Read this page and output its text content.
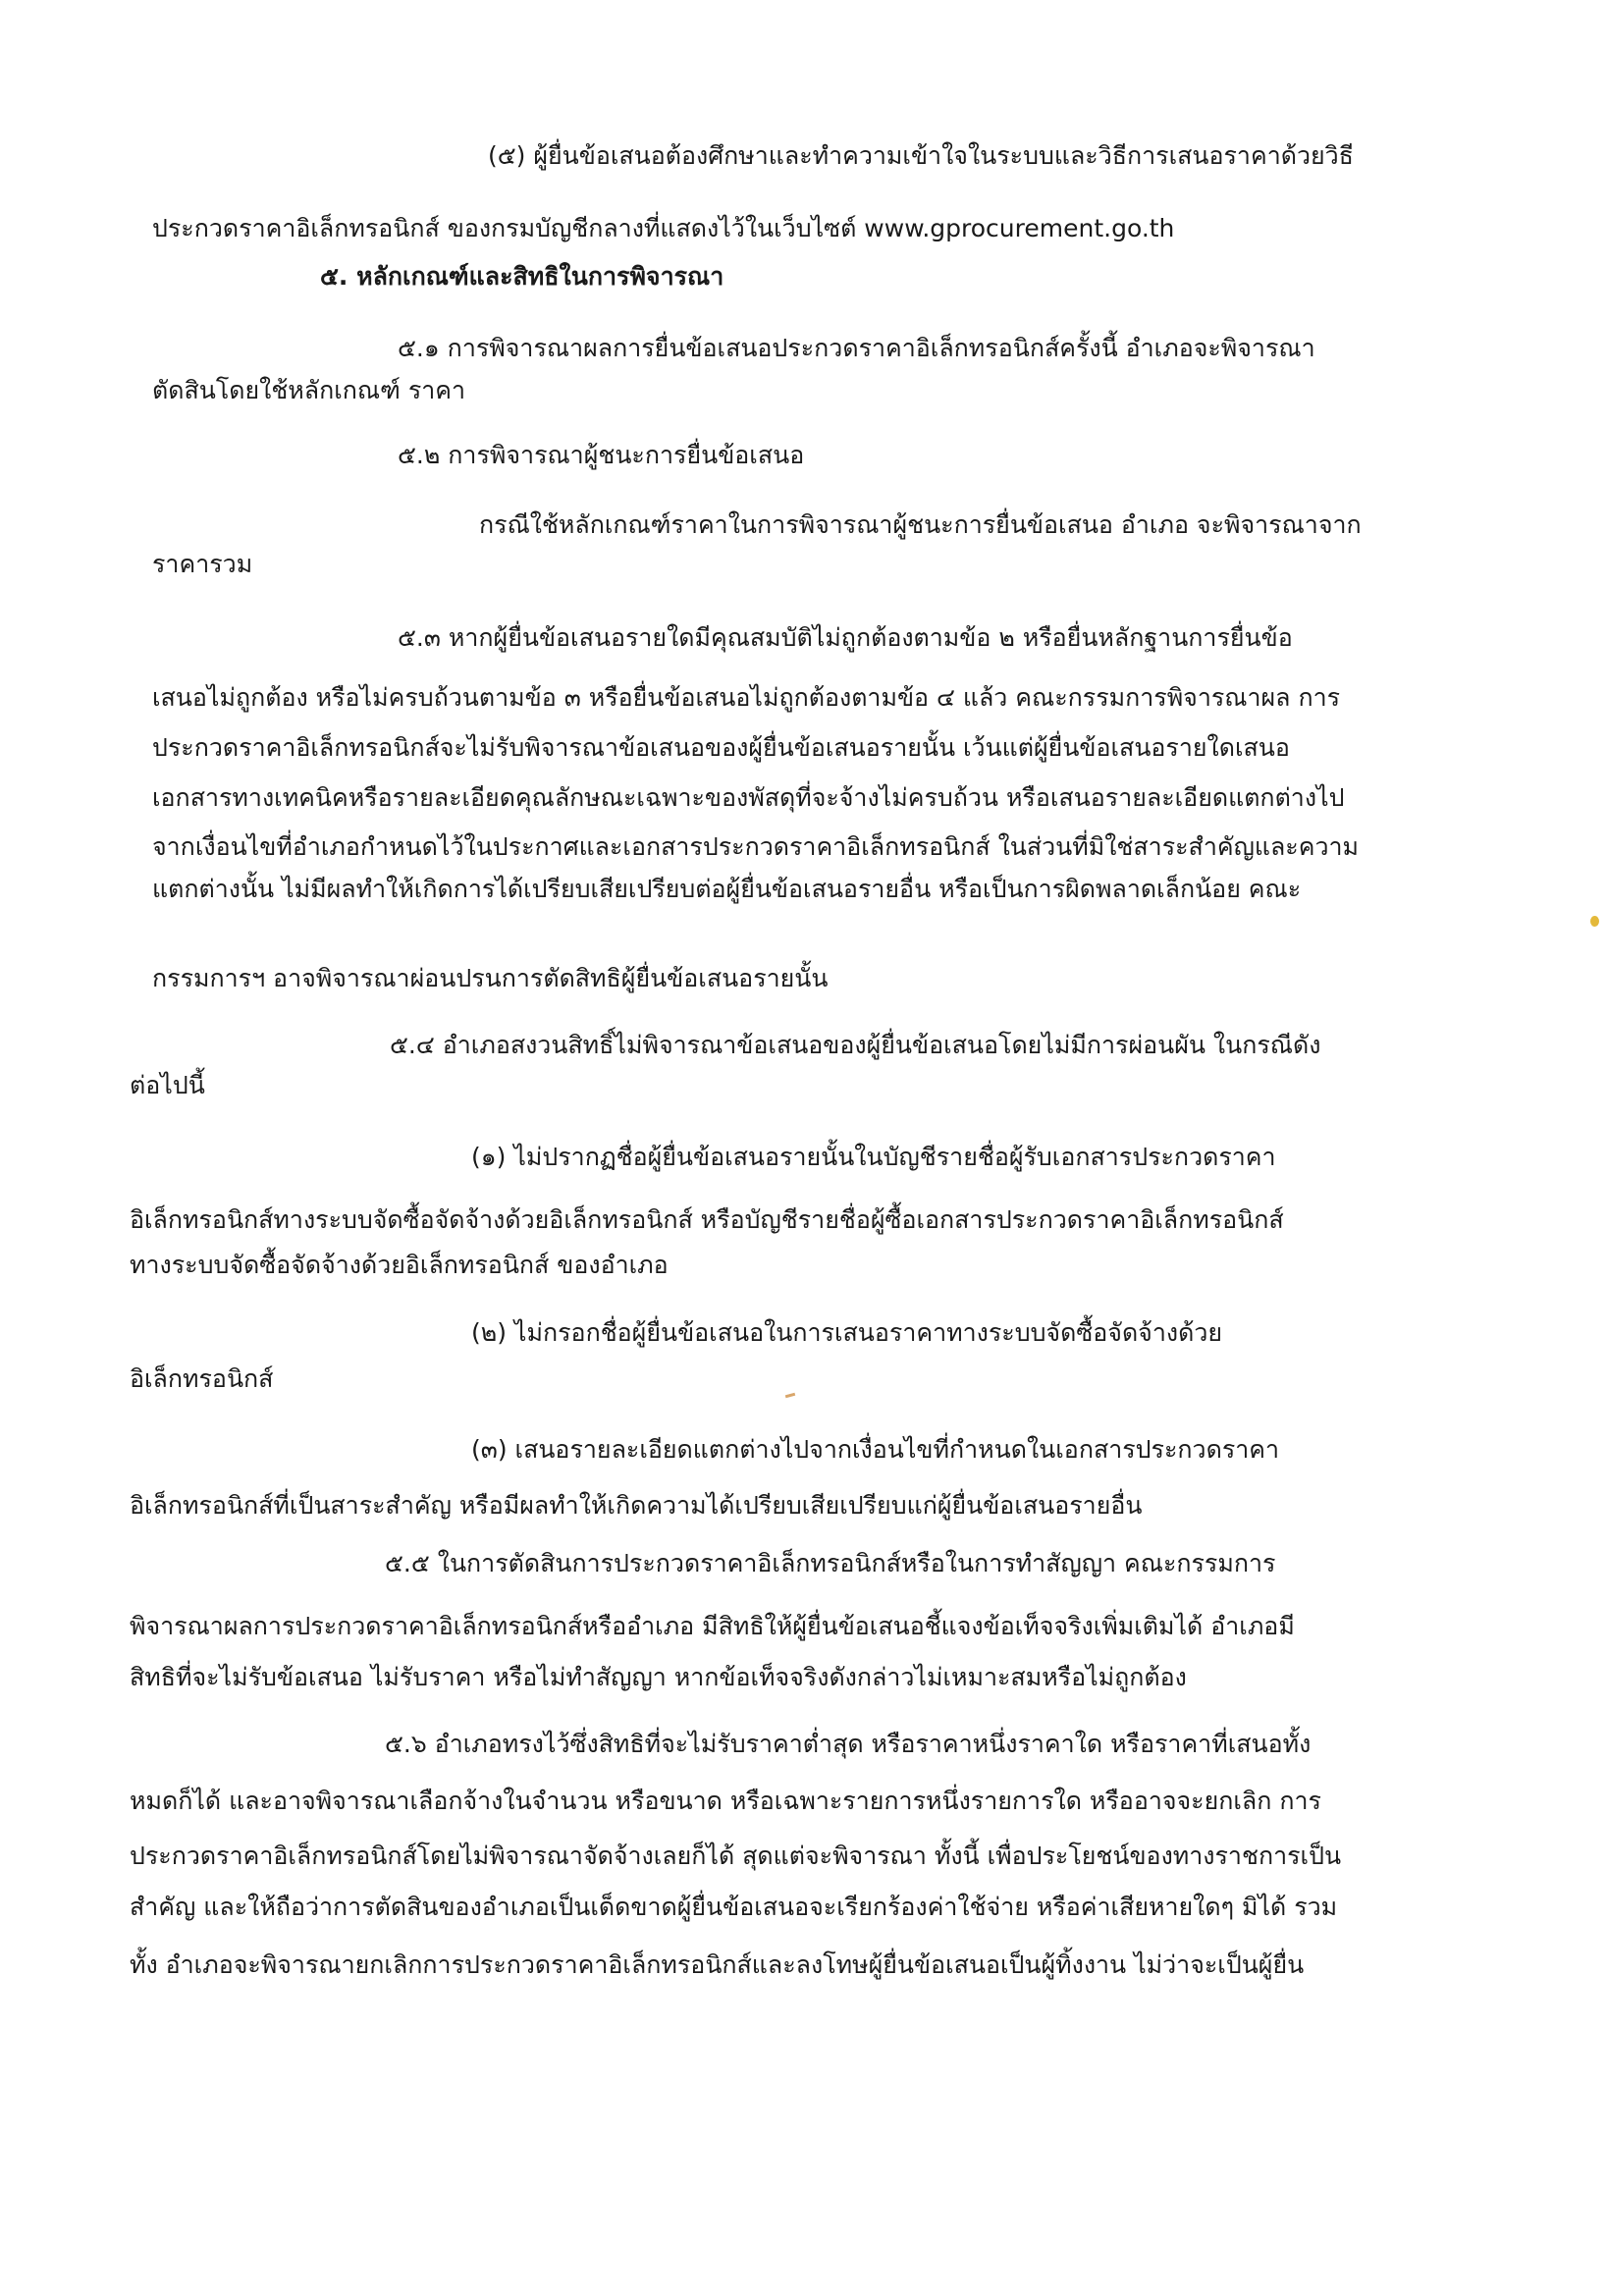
(๕) ผู้ยื่นข้อเสนอต้องศึกษาและทำความเข้าใจในระบบและวิธีการเสนอราคาด้วยวิธี
ประกวดราคาอิเล็กทรอนิกส์ ของกรมบัญชีกลางที่แสดงไว้ในเว็บไซต์ www.gprocurement.go.th
๕. หลักเกณฑ์และสิทธิในการพิจารณา
๕.๑ การพิจารณาผลการยื่นข้อเสนอประกวดราคาอิเล็กทรอนิกส์ครั้งนี้ อำเภอจะพิจารณา
ตัดสินโดยใช้หลักเกณฑ์ ราคา
๕.๒ การพิจารณาผู้ชนะการยื่นข้อเสนอ
กรณีใช้หลักเกณฑ์ราคาในการพิจารณาผู้ชนะการยื่นข้อเสนอ อำเภอ จะพิจารณาจาก
ราคารวม
๕.๓ หากผู้ยื่นข้อเสนอรายใดมีคุณสมบัติไม่ถูกต้องตามข้อ ๒ หรือยื่นหลักฐานการยื่นข้อ
เสนอไม่ถูกต้อง หรือไม่ครบถ้วนตามข้อ ๓ หรือยื่นข้อเสนอไม่ถูกต้องตามข้อ ๔ แล้ว คณะกรรมการพิจารณาผล การ
ประกวดราคาอิเล็กทรอนิกส์จะไม่รับพิจารณาข้อเสนอของผู้ยื่นข้อเสนอรายนั้น เว้นแต่ผู้ยื่นข้อเสนอรายใดเสนอ
เอกสารทางเทคนิคหรือรายละเอียดคุณลักษณะเฉพาะของพัสดุที่จะจ้างไม่ครบถ้วน หรือเสนอรายละเอียดแตกต่างไป
จากเงื่อนไขที่อำเภอกำหนดไว้ในประกาศและเอกสารประกวดราคาอิเล็กทรอนิกส์ ในส่วนที่มิใช่สาระสำคัญและความ
แตกต่างนั้น ไม่มีผลทำให้เกิดการได้เปรียบเสียเปรียบต่อผู้ยื่นข้อเสนอรายอื่น หรือเป็นการผิดพลาดเล็กน้อย คณะ
กรรมการฯ อาจพิจารณาผ่อนปรนการตัดสิทธิผู้ยื่นข้อเสนอรายนั้น
๕.๔ อำเภอสงวนสิทธิ์ไม่พิจารณาข้อเสนอของผู้ยื่นข้อเสนอโดยไม่มีการผ่อนผัน ในกรณีดัง
ต่อไปนี้
(๑) ไม่ปรากฏชื่อผู้ยื่นข้อเสนอรายนั้นในบัญชีรายชื่อผู้รับเอกสารประกวดราคา
อิเล็กทรอนิกส์ทางระบบจัดซื้อจัดจ้างด้วยอิเล็กทรอนิกส์ หรือบัญชีรายชื่อผู้ซื้อเอกสารประกวดราคาอิเล็กทรอนิกส์
ทางระบบจัดซื้อจัดจ้างด้วยอิเล็กทรอนิกส์ ของอำเภอ
(๒) ไม่กรอกชื่อผู้ยื่นข้อเสนอในการเสนอราคาทางระบบจัดซื้อจัดจ้างด้วย
อิเล็กทรอนิกส์
(๓) เสนอรายละเอียดแตกต่างไปจากเงื่อนไขที่กำหนดในเอกสารประกวดราคา
อิเล็กทรอนิกส์ที่เป็นสาระสำคัญ หรือมีผลทำให้เกิดความได้เปรียบเสียเปรียบแก่ผู้ยื่นข้อเสนอรายอื่น
๕.๕ ในการตัดสินการประกวดราคาอิเล็กทรอนิกส์หรือในการทำสัญญา คณะกรรมการ
พิจารณาผลการประกวดราคาอิเล็กทรอนิกส์หรืออำเภอ มีสิทธิให้ผู้ยื่นข้อเสนอชี้แจงข้อเท็จจริงเพิ่มเติมได้ อำเภอมี
สิทธิที่จะไม่รับข้อเสนอ ไม่รับราคา หรือไม่ทำสัญญา หากข้อเท็จจริงดังกล่าวไม่เหมาะสมหรือไม่ถูกต้อง
๕.๖ อำเภอทรงไว้ซึ่งสิทธิที่จะไม่รับราคาต่ำสุด หรือราคาหนึ่งราคาใด หรือราคาที่เสนอทั้ง
หมดก็ได้ และอาจพิจารณาเลือกจ้างในจำนวน หรือขนาด หรือเฉพาะรายการหนึ่งรายการใด หรืออาจจะยกเลิก การ
ประกวดราคาอิเล็กทรอนิกส์โดยไม่พิจารณาจัดจ้างเลยก็ได้ สุดแต่จะพิจารณา ทั้งนี้ เพื่อประโยชน์ของทางราชการเป็น
สำคัญ และให้ถือว่าการตัดสินของอำเภอเป็นเด็ดขาดผู้ยื่นข้อเสนอจะเรียกร้องค่าใช้จ่าย หรือค่าเสียหายใดๆ มิได้ รวม
ทั้ง อำเภอจะพิจารณายกเลิกการประกวดราคาอิเล็กทรอนิกส์และลงโทษผู้ยื่นข้อเสนอเป็นผู้ทิ้งงาน ไม่ว่าจะเป็นผู้ยื่น
